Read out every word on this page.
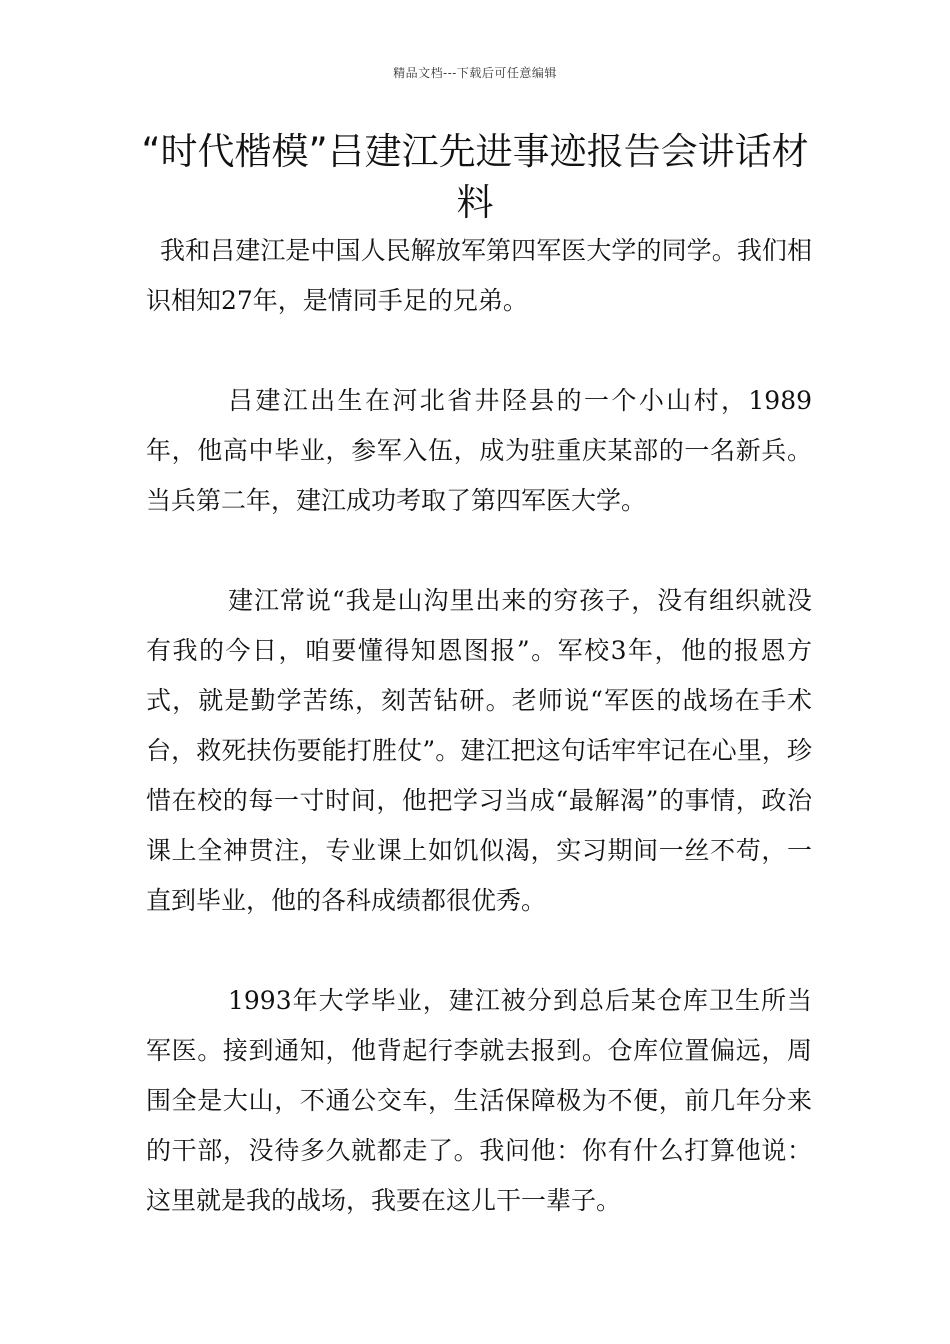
精品文档---下载后可任意编辑
“时代楷模”吕建江先进事迹报告会讲话材料

我和吕建江是中国人民解放军第四军医大学的同学。我们相识相知27年，是情同手足的兄弟。

吕建江出生在河北省井陉县的一个小山村，1989年，他高中毕业，参军入伍，成为驻重庆某部的一名新兵。当兵第二年，建江成功考取了第四军医大学。

建江常说“我是山沟里出来的穷孩子，没有组织就没有我的今日，咱要懂得知恩图报”。军校3年，他的报恩方式，就是勤学苦练，刻苦钻研。老师说“军医的战场在手术台，救死扶伤要能打胜仗”。建江把这句话牢牢记在心里，珍惜在校的每一寸时间，他把学习当成“最解渴”的事情，政治课上全神贯注，专业课上如饥似渴，实习期间一丝不苟，一直到毕业，他的各科成绩都很优秀。

1993年大学毕业，建江被分到总后某仓库卫生所当军医。接到通知，他背起行李就去报到。仓库位置偏远，周围全是大山，不通公交车，生活保障极为不便，前几年分来的干部，没待多久就都走了。我问他：你有什么打算他说：这里就是我的战场，我要在这儿干一辈子。
